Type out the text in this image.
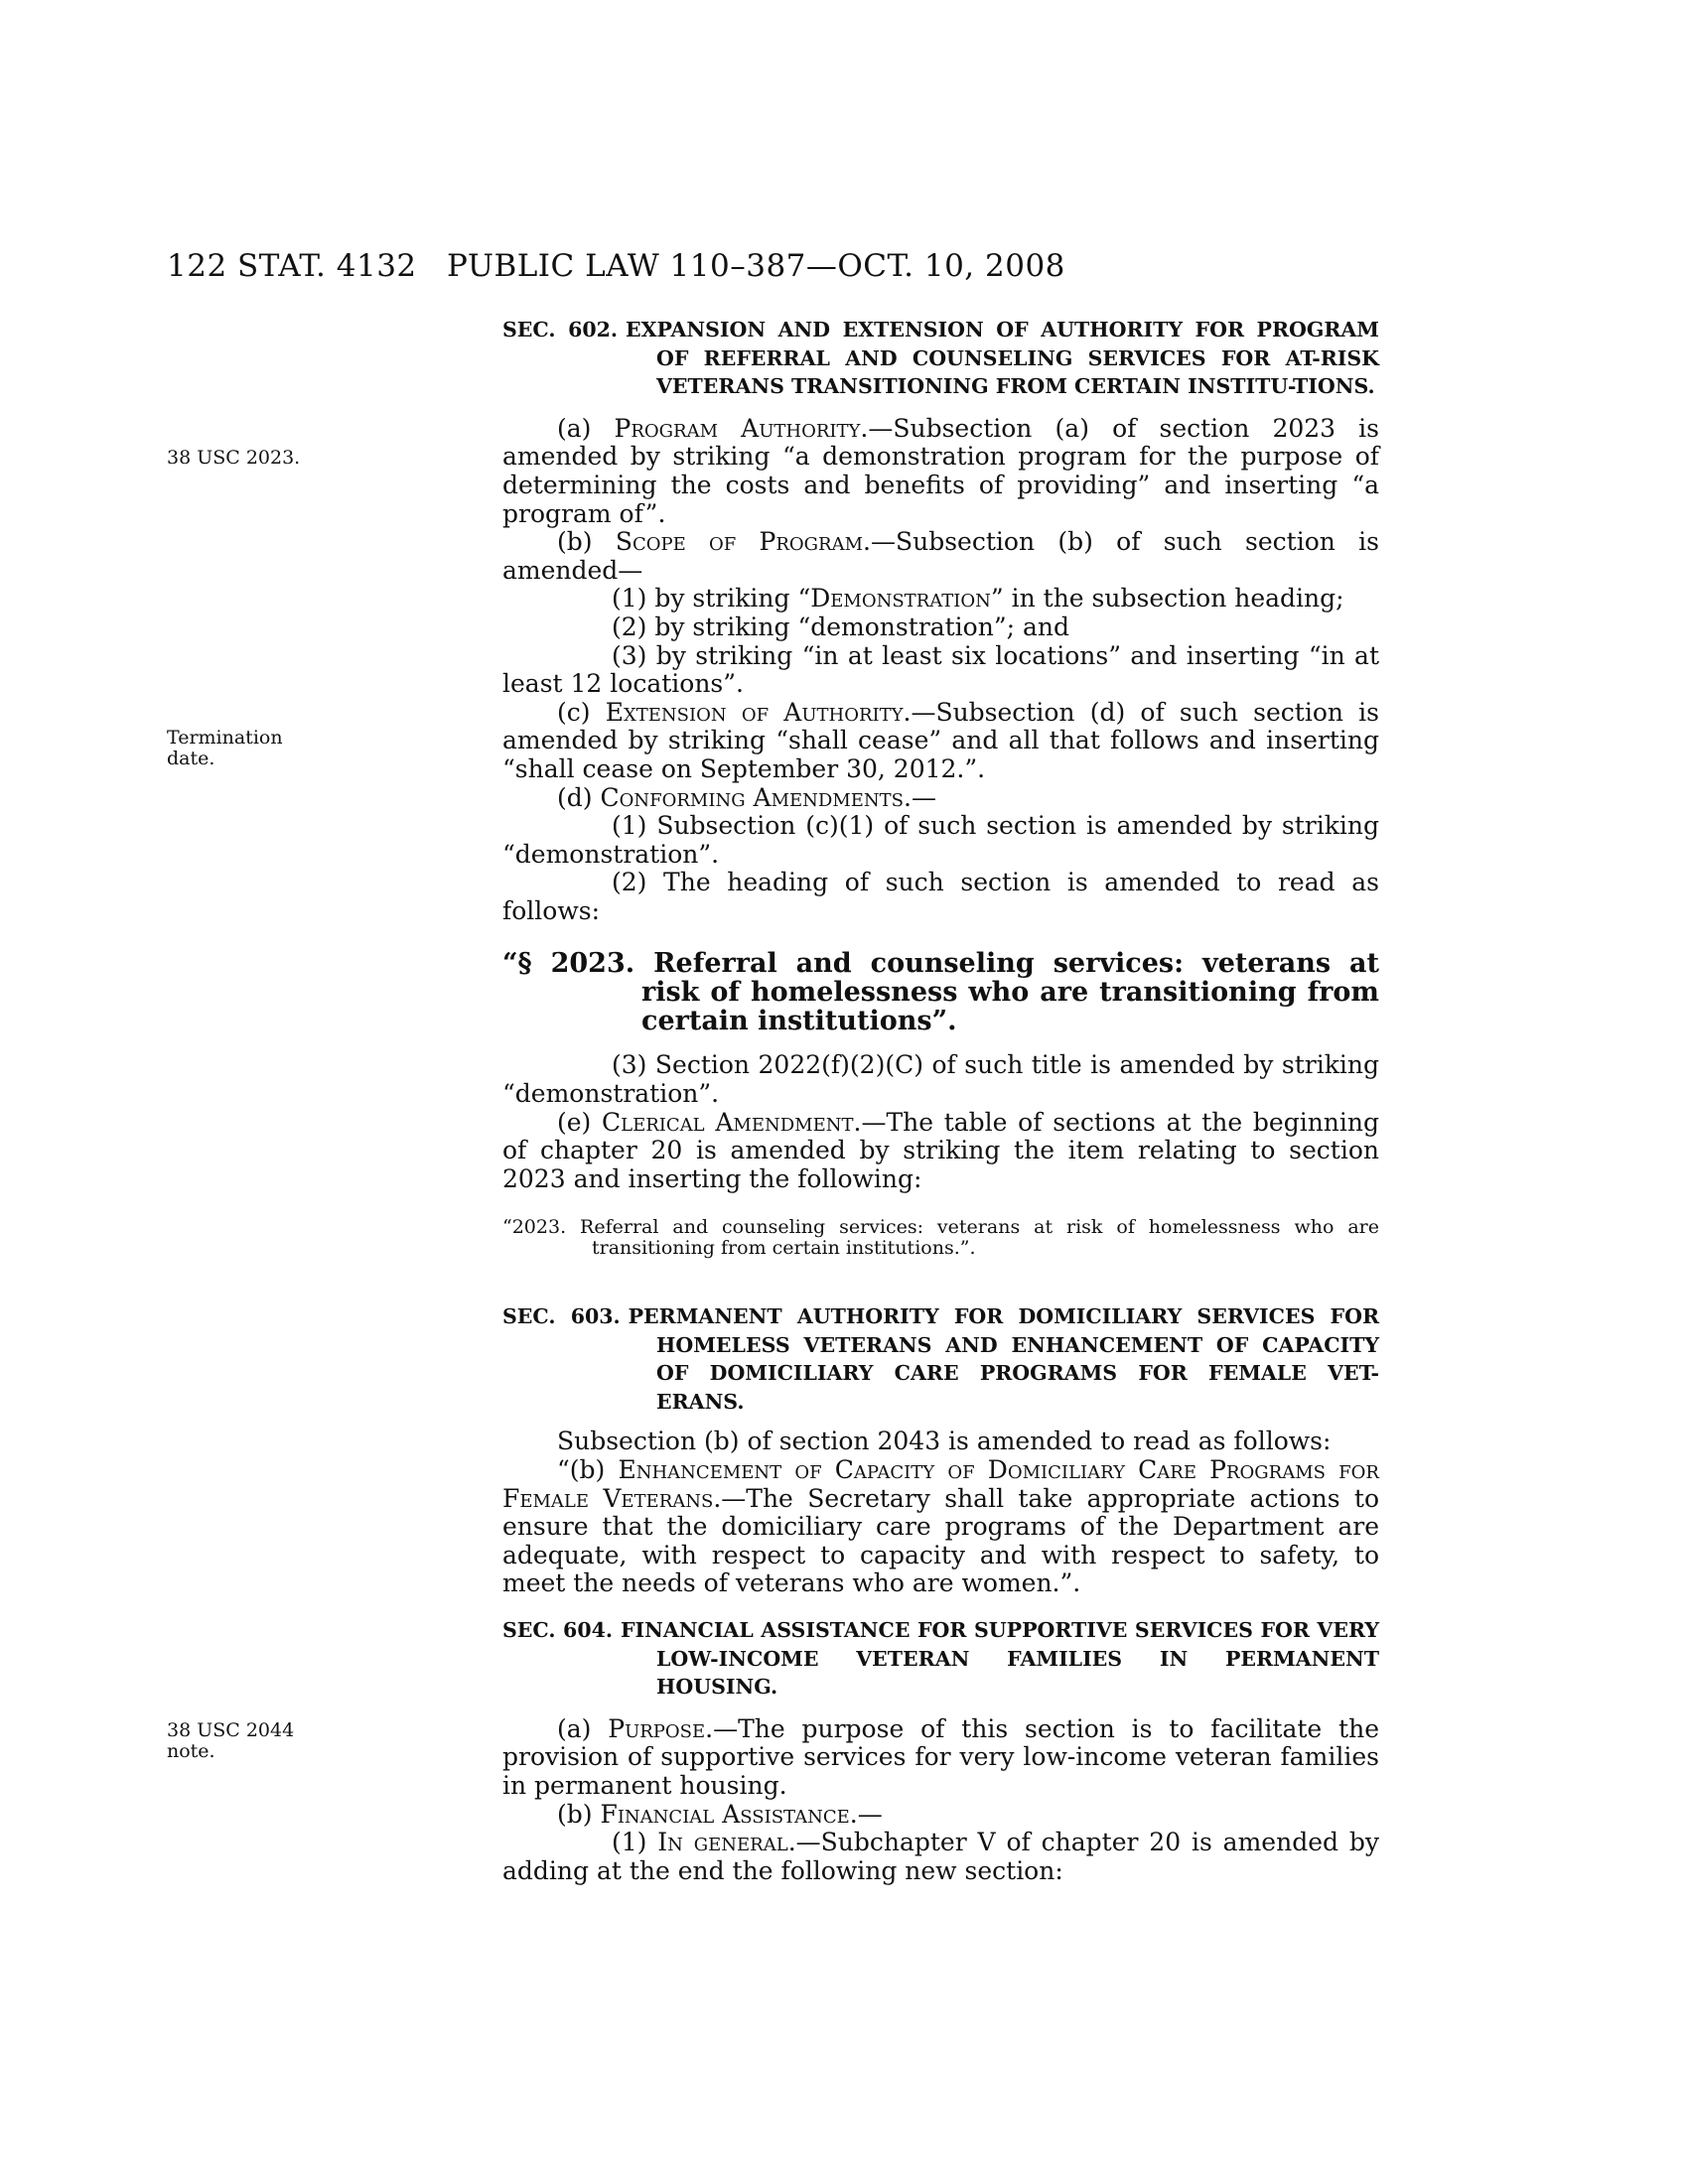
122 STAT. 4132 PUBLIC LAW 110–387—OCT. 10, 2008
38 USC 2023.
Termination date.
38 USC 2044 note.

SEC. 602. EXPANSION AND EXTENSION OF AUTHORITY FOR PROGRAM OF REFERRAL AND COUNSELING SERVICES FOR AT-RISK VETERANS TRANSITIONING FROM CERTAIN INSTITU-TIONS.

(a) Program Authority.—Subsection (a) of section 2023 is amended by striking “a demonstration program for the purpose of determining the costs and benefits of providing” and inserting “a program of”.

(b) Scope of Program.—Subsection (b) of such section is amended—

(1) by striking “Demonstration” in the subsection heading;

(2) by striking “demonstration”; and

(3) by striking “in at least six locations” and inserting “in at least 12 locations”.

(c) Extension of Authority.—Subsection (d) of such section is amended by striking “shall cease” and all that follows and inserting “shall cease on September 30, 2012.”.

(d) Conforming Amendments.—

(1) Subsection (c)(1) of such section is amended by striking “demonstration”.

(2) The heading of such section is amended to read as follows:

“§ 2023. Referral and counseling services: veterans at risk of homelessness who are transitioning from certain institutions”.

(3) Section 2022(f)(2)(C) of such title is amended by striking “demonstration”.

(e) Clerical Amendment.—The table of sections at the beginning of chapter 20 is amended by striking the item relating to section 2023 and inserting the following:

“2023. Referral and counseling services: veterans at risk of homelessness who are transitioning from certain institutions.”.

SEC. 603. PERMANENT AUTHORITY FOR DOMICILIARY SERVICES FOR HOMELESS VETERANS AND ENHANCEMENT OF CAPACITY OF DOMICILIARY CARE PROGRAMS FOR FEMALE VET-ERANS.

Subsection (b) of section 2043 is amended to read as follows:

“(b) Enhancement of Capacity of Domiciliary Care Programs for Female Veterans.—The Secretary shall take appropriate actions to ensure that the domiciliary care programs of the Department are adequate, with respect to capacity and with respect to safety, to meet the needs of veterans who are women.”.

SEC. 604. FINANCIAL ASSISTANCE FOR SUPPORTIVE SERVICES FOR VERY LOW-INCOME VETERAN FAMILIES IN PERMANENT HOUSING.

(a) Purpose.—The purpose of this section is to facilitate the provision of supportive services for very low-income veteran families in permanent housing.

(b) Financial Assistance.—

(1) In general.—Subchapter V of chapter 20 is amended by adding at the end the following new section:
